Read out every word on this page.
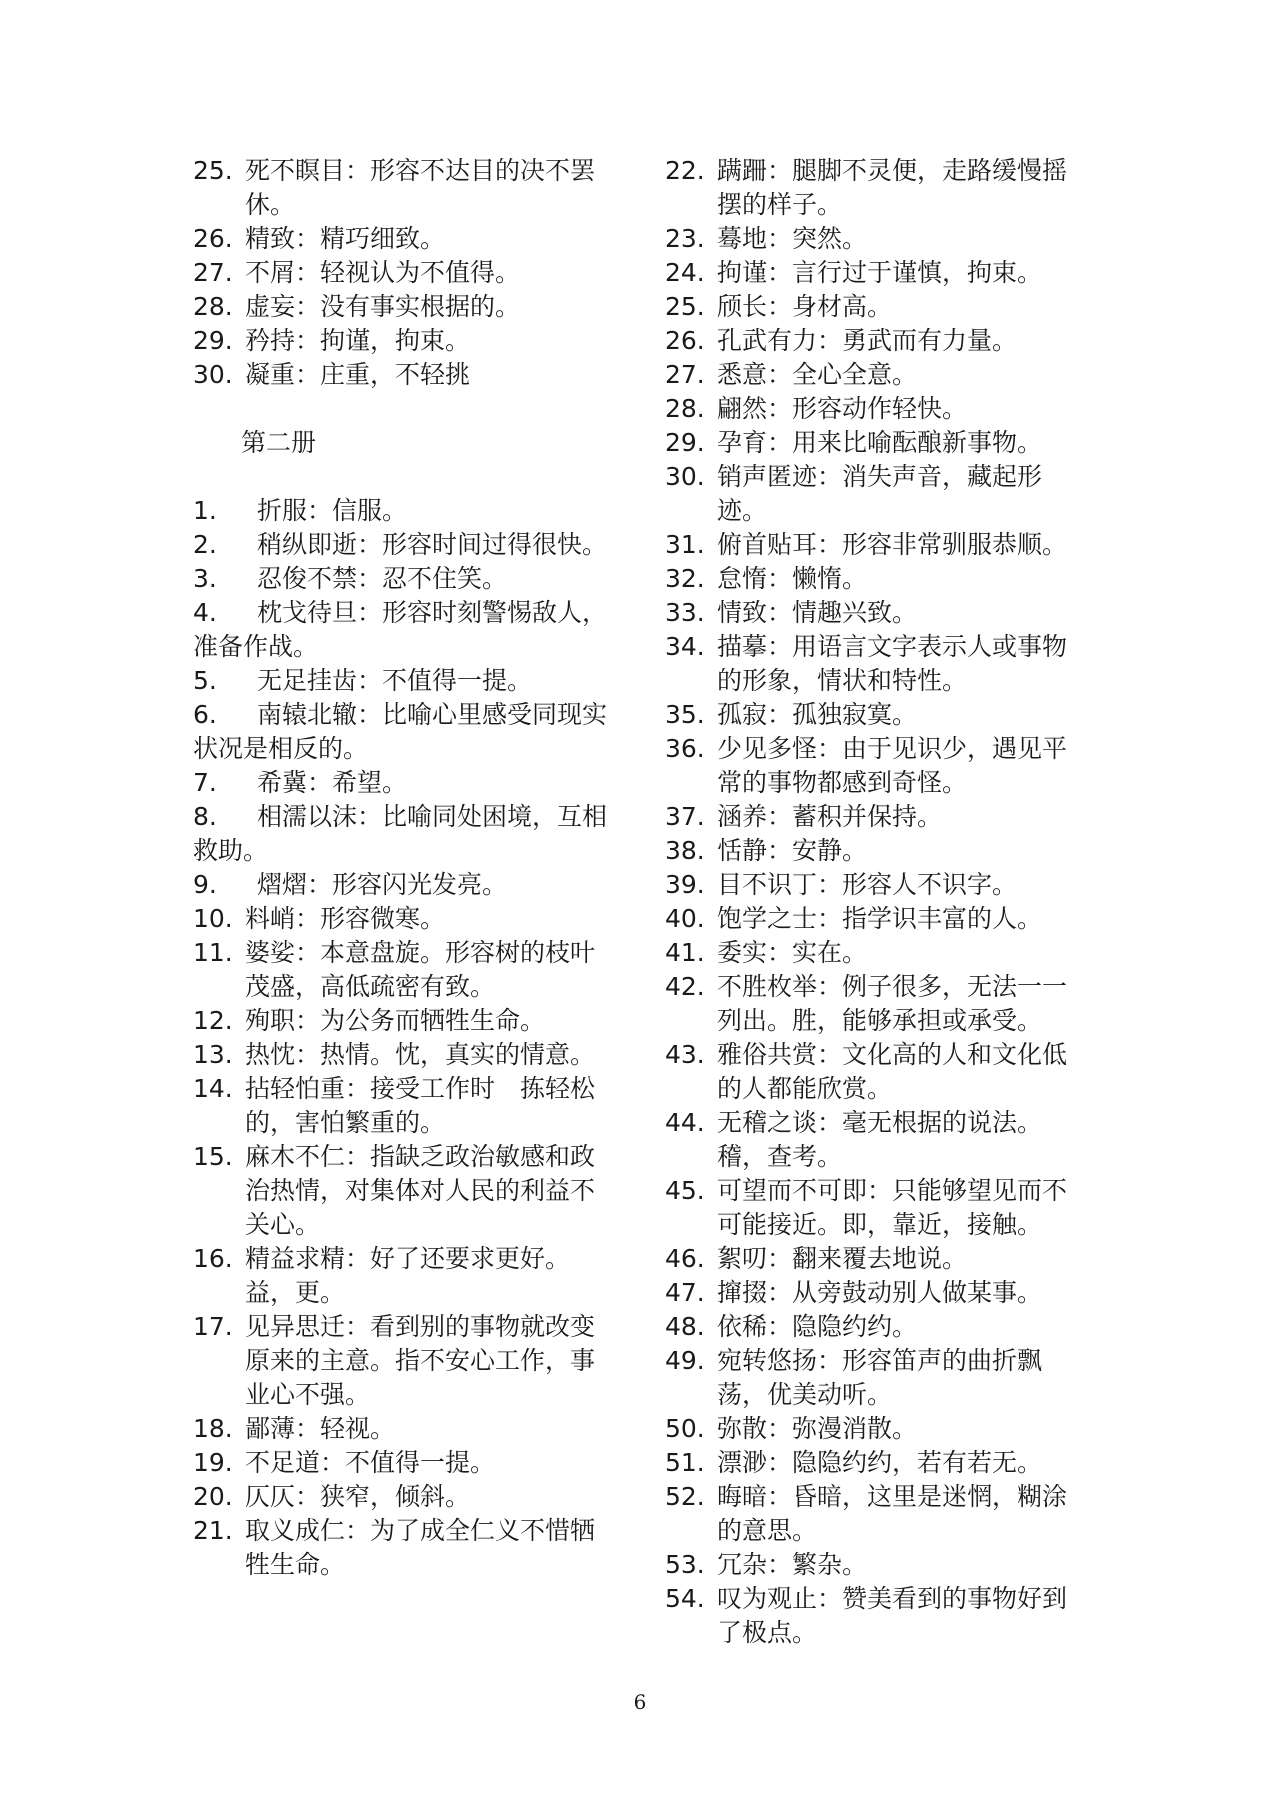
25. 死不瞑目：形容不达目的决不罢休。
26. 精致：精巧细致。
27. 不屑：轻视认为不值得。
28. 虚妄：没有事实根据的。
29. 矜持：拘谨，拘束。
30. 凝重：庄重，不轻挑
第二册
1. 折服：信服。
2. 稍纵即逝：形容时间过得很快。
3. 忍俊不禁：忍不住笑。
4. 枕戈待旦：形容时刻警惕敌人，准备作战。
5. 无足挂齿：不值得一提。
6. 南辕北辙：比喻心里感受同现实状况是相反的。
7. 希冀：希望。
8. 相濡以沫：比喻同处困境，互相救助。
9. 熠熠：形容闪光发亮。
10. 料峭：形容微寒。
11. 婆娑：本意盘旋。形容树的枝叶茂盛，高低疏密有致。
12. 殉职：为公务而牺牲生命。
13. 热忱：热情。忱，真实的情意。
14. 拈轻怕重：接受工作时　拣轻松的，害怕繁重的。
15. 麻木不仁：指缺乏政治敏感和政治热情，对集体对人民的利益不关心。
16. 精益求精：好了还要求更好。益，更。
17. 见异思迁：看到别的事物就改变原来的主意。指不安心工作，事业心不强。
18. 鄙薄：轻视。
19. 不足道：不值得一提。
20. 仄仄：狭窄，倾斜。
21. 取义成仁：为了成全仁义不惜牺牲生命。
22. 蹒跚：腿脚不灵便，走路缓慢摇摆的样子。
23. 蓦地：突然。
24. 拘谨：言行过于谨慎，拘束。
25. 颀长：身材高。
26. 孔武有力：勇武而有力量。
27. 悉意：全心全意。
28. 翩然：形容动作轻快。
29. 孕育：用来比喻酝酿新事物。
30. 销声匿迹：消失声音，藏起形迹。
31. 俯首贴耳：形容非常驯服恭顺。
32. 怠惰：懒惰。
33. 情致：情趣兴致。
34. 描摹：用语言文字表示人或事物的形象，情状和特性。
35. 孤寂：孤独寂寞。
36. 少见多怪：由于见识少，遇见平常的事物都感到奇怪。
37. 涵养：蓄积并保持。
38. 恬静：安静。
39. 目不识丁：形容人不识字。
40. 饱学之士：指学识丰富的人。
41. 委实：实在。
42. 不胜枚举：例子很多，无法一一列出。胜，能够承担或承受。
43. 雅俗共赏：文化高的人和文化低的人都能欣赏。
44. 无稽之谈：毫无根据的说法。稽，查考。
45. 可望而不可即：只能够望见而不可能接近。即，靠近，接触。
46. 絮叨：翻来覆去地说。
47. 撺掇：从旁鼓动别人做某事。
48. 依稀：隐隐约约。
49. 宛转悠扬：形容笛声的曲折飘荡，优美动听。
50. 弥散：弥漫消散。
51. 漂渺：隐隐约约，若有若无。
52. 晦暗：昏暗，这里是迷惘，糊涂的意思。
53. 冗杂：繁杂。
54. 叹为观止：赞美看到的事物好到了极点。
6
